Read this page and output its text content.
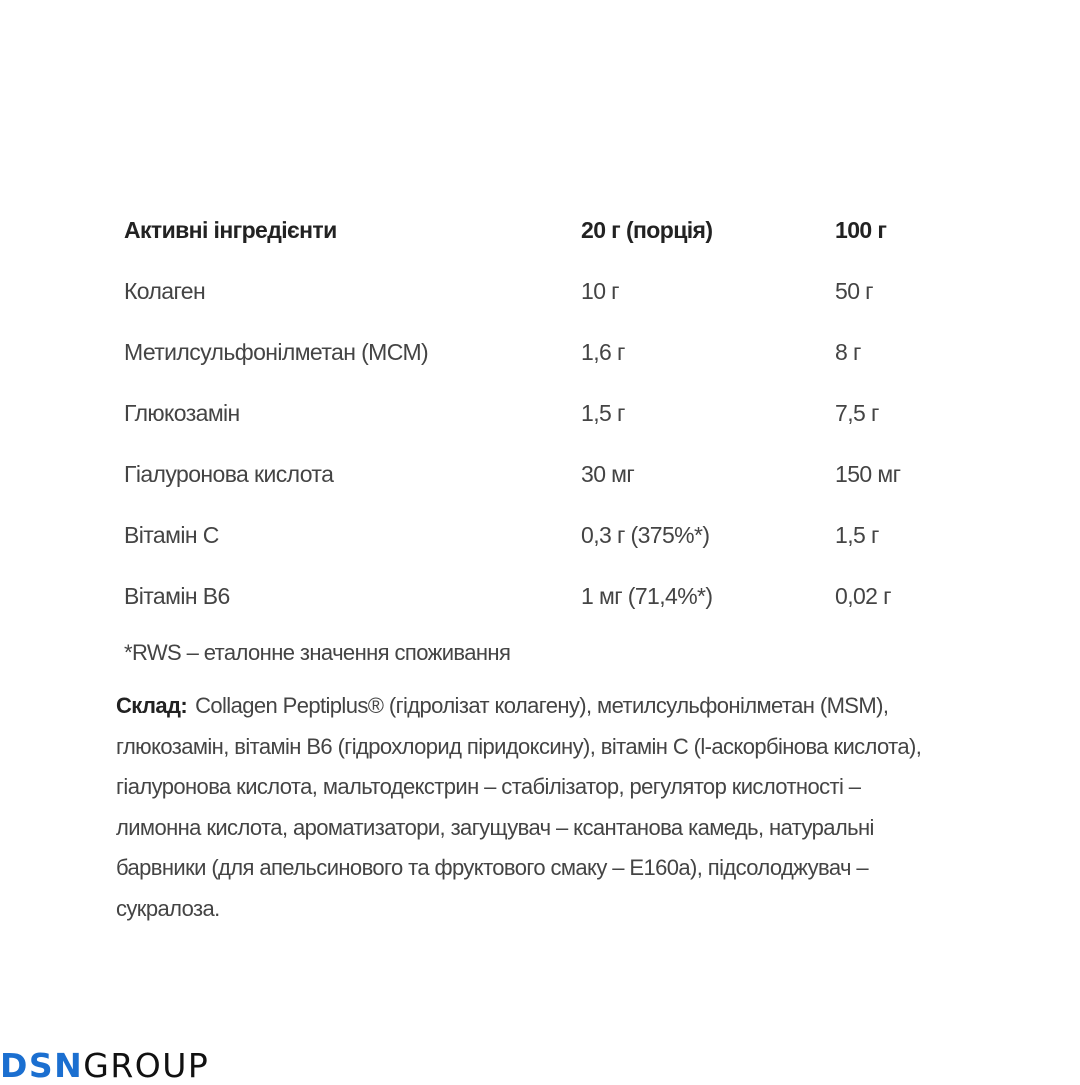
Активні інгредієнти	20 г (порція)	100 г
Колаген	10 г	50 г
Метилсульфонілметан (МСМ)	1,6 г	8 г
Глюкозамін	1,5 г	7,5 г
Гіалуронова кислота	30 мг	150 мг
Вітамін С	0,3 г (375%*)	1,5 г
Вітамін B6	1 мг (71,4%*)	0,02 г

*RWS – еталонне значення споживання

Склад: Collagen Peptiplus® (гідролізат колагену), метилсульфонілметан (MSM), глюкозамін, вітамін B6 (гідрохлорид піридоксину), вітамін С (l-аскорбінова кислота), гіалуронова кислота, мальтодекстрин – стабілізатор, регулятор кислотності – лимонна кислота, ароматизатори, загущувач – ксантанова камедь, натуральні барвники (для апельсинового та фруктового смаку – E160a), підсолоджувач – сукралоза.

DSN GROUP
